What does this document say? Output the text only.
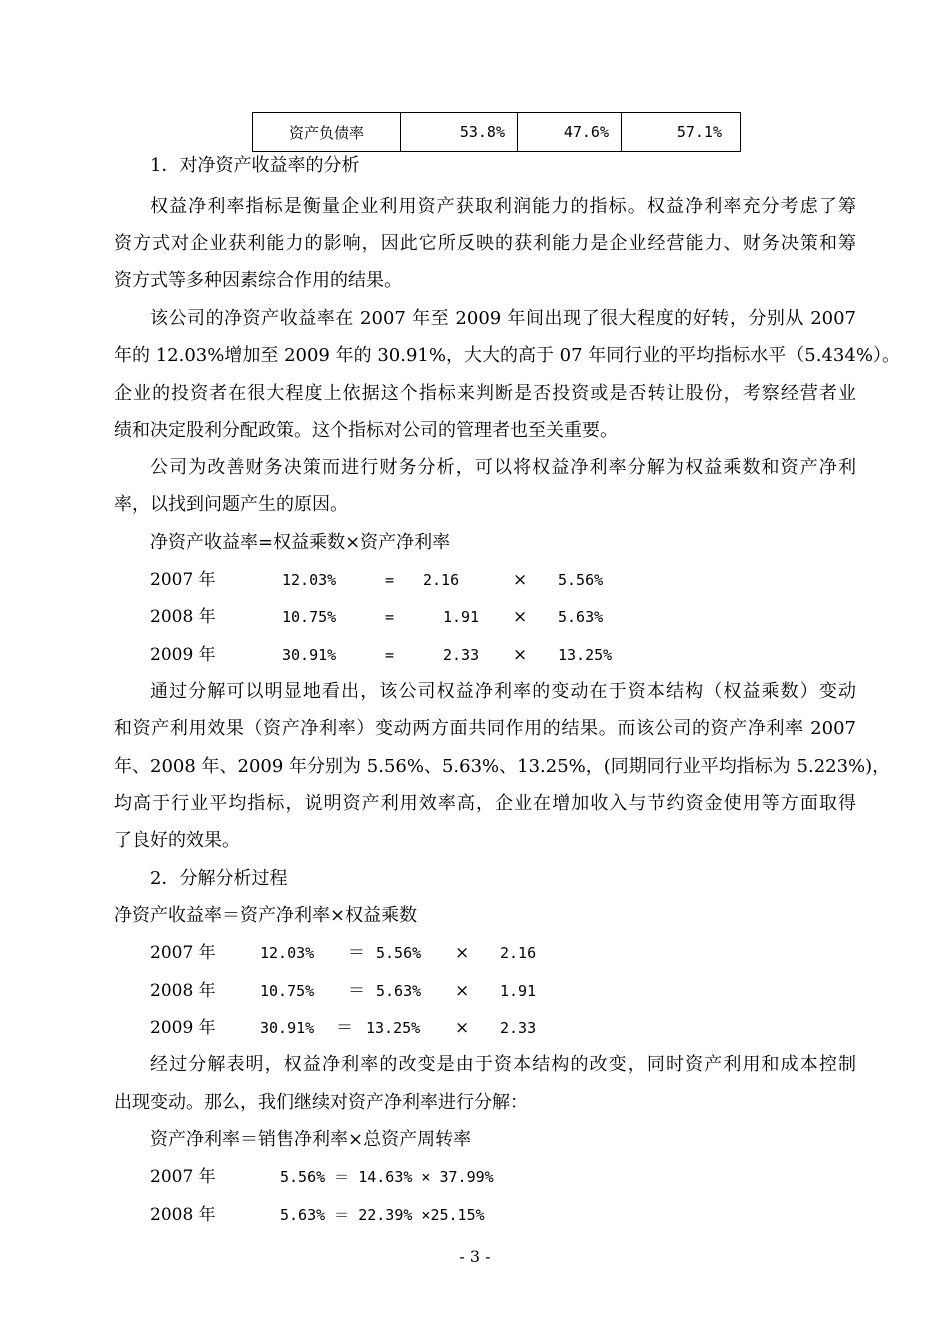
资产负债率	53.8%	47.6%	57.1%
1．对净资产收益率的分析
权益净利率指标是衡量企业利用资产获取利润能力的指标。权益净利率充分考虑了筹
资方式对企业获利能力的影响，因此它所反映的获利能力是企业经营能力、财务决策和筹
资方式等多种因素综合作用的结果。
该公司的净资产收益率在 2007 年至 2009 年间出现了很大程度的好转，分别从 2007
年的 12.03%增加至 2009 年的 30.91%，大大的高于 07 年同行业的平均指标水平（5.434%）。
企业的投资者在很大程度上依据这个指标来判断是否投资或是否转让股份，考察经营者业
绩和决定股利分配政策。这个指标对公司的管理者也至关重要。
公司为改善财务决策而进行财务分析，可以将权益净利率分解为权益乘数和资产净利
率，以找到问题产生的原因。
净资产收益率=权益乘数×资产净利率
2007 年	12.03%	= 2.16	× 5.56%
2008 年	10.75%	=	1.91 × 5.63%
2009 年	30.91%	=	2.33 × 13.25%
通过分解可以明显地看出，该公司权益净利率的变动在于资本结构（权益乘数）变动
和资产利用效果（资产净利率）变动两方面共同作用的结果。而该公司的资产净利率 2007
年、2008 年、2009 年分别为 5.56%、5.63%、13.25%，(同期同行业平均指标为 5.223%)，
均高于行业平均指标，说明资产利用效率高，企业在增加收入与节约资金使用等方面取得
了良好的效果。
2．分解分析过程
净资产收益率＝资产净利率×权益乘数
2007 年	12.03% ＝ 5.56% × 2.16
2008 年	10.75% ＝ 5.63% × 1.91
2009 年	30.91% ＝ 13.25% × 2.33
经过分解表明，权益净利率的改变是由于资本结构的改变，同时资产利用和成本控制
出现变动。那么，我们继续对资产净利率进行分解：
资产净利率＝销售净利率×总资产周转率
2007 年	5.56% ＝ 14.63% × 37.99%
2008 年	5.63% ＝ 22.39% ×25.15%
- 3 -
